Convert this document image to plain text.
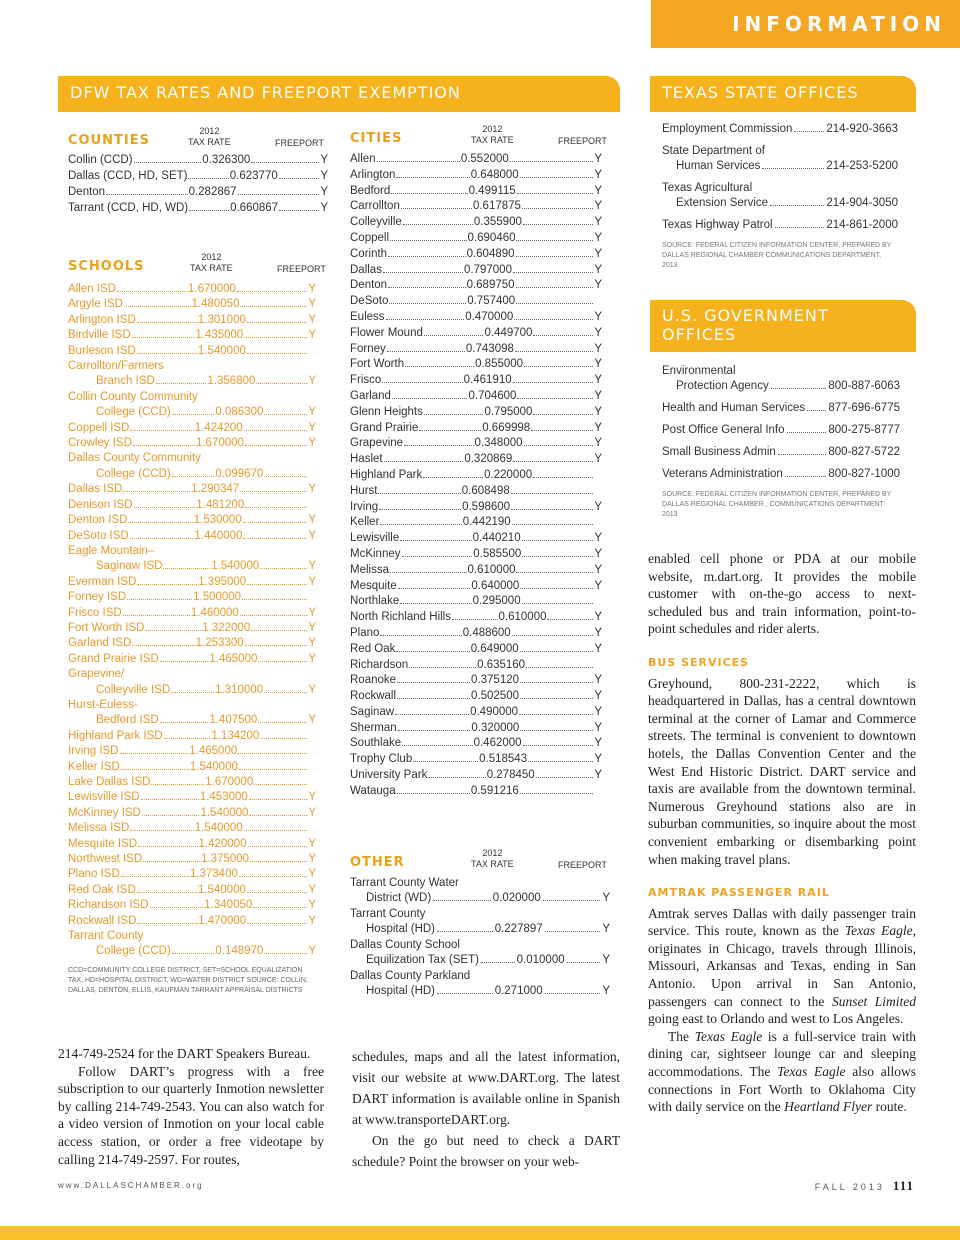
INFORMATION
DFW TAX RATES AND FREEPORT EXEMPTION	TEXAS STATE OFFICES
U.S. GOVERNMENT
OFFICES
COUNTIES
2012
TAX RATE	FREEPORT
Collin (CCD)	0.326300	Y
Dallas (CCD, HD, SET)	0.623770	Y
Denton	0.282867	Y
Tarrant (CCD, HD, WD)	0.660867	Y
SCHOOLS
2012
TAX RATE	FREEPORT
Allen ISD	1.670000	Y
Argyle ISD	1.480050	Y
Arlington ISD	1.301000	Y
Birdville ISD	1.435000	Y
Burleson ISD	1.540000
Carrollton/Farmers
Branch ISD	1.356800	Y
Collin County Community
College (CCD)	0.086300	Y
Coppell ISD	1.424200	Y
Crowley ISD	1.670000	Y
Dallas County Community
College (CCD)	0.099670
Dallas ISD	1.290347	Y
Denison ISD	1.481200
Denton ISD	1.530000	Y
DeSoto ISD	1.440000	Y
Eagle Mountain–
Saginaw ISD	1.540000	Y
Everman ISD	1.395000	Y
Forney ISD	1.500000
Frisco ISD	1.460000	Y
Fort Worth ISD	1.322000	Y
Garland ISD	1.253300	Y
Grand Prairie ISD	1.465000	Y
Grapevine/
Colleyville ISD	1.310000	Y
Hurst-Euless-
Bedford ISD	1.407500	Y
Highland Park ISD	1.134200
Irving ISD	1.465000
Keller ISD	1.540000
Lake Dallas ISD	1.670000
Lewisville ISD	1.453000	Y
McKinney ISD	1.540000	Y
Melissa ISD	1.540000
Mesquite ISD	1.420000	Y
Northwest ISD	1.375000	Y
Plano ISD	1.373400	Y
Red Oak ISD	1.540000	Y
Richardson ISD	1.340050	Y
Rockwall ISD	1.470000	Y
Tarrant County
College (CCD)	0.148970	Y
CCD=COMMUNITY COLLEGE DISTRICT, SET=SCHOOL EQUALIZATION TAX, HD=HOSPITAL DISTRICT, WD=WATER DISTRICT SOURCE: COLLIN, DALLAS, DENTON, ELLIS, KAUFMAN TARRANT APPRAISAL DISTRICTS
CITIES
2012
TAX RATE	FREEPORT
Allen	0.552000	Y
Arlington	0.648000	Y
Bedford	0.499115	Y
Carrollton	0.617875	Y
Colleyville	0.355900	Y
Coppell	0.690460	Y
Corinth	0.604890	Y
Dallas	0.797000	Y
Denton	0.689750	Y
DeSoto	0.757400
Euless	0.470000	Y
Flower Mound	0.449700	Y
Forney	0.743098	Y
Fort Worth	0.855000	Y
Frisco	0.461910	Y
Garland	0.704600	Y
Glenn Heights	0.795000	Y
Grand Prairie	0.669998	Y
Grapevine	0.348000	Y
Haslet	0.320869	Y
Highland Park	0.220000
Hurst	0.608498
Irving	0.598600	Y
Keller	0.442190
Lewisville	0.440210	Y
McKinney	0.585500	Y
Melissa	0.610000	Y
Mesquite	0.640000	Y
Northlake	0.295000
North Richland Hills	0.610000	Y
Plano	0.488600	Y
Red Oak	0.649000	Y
Richardson	0.635160
Roanoke	0.375120	Y
Rockwall	0.502500	Y
Saginaw	0.490000	Y
Sherman	0.320000	Y
Southlake	0.462000	Y
Trophy Club	0.518543	Y
University Park	0.278450	Y
Watauga	0.591216
OTHER
2012
TAX RATE	FREEPORT
Tarrant County Water
District (WD)	0.020000	Y
Tarrant County
Hospital (HD)	0.227897	Y
Dallas County School
Equilization Tax (SET)	0.010000	Y
Dallas County Parkland
Hospital (HD)	0.271000	Y
Employment Commission	214-920-3663
State Department of
Human Services	214-253-5200
Texas Agricultural
Extension Service	214-904-3050
Texas Highway Patrol	214-861-2000
SOURCE: FEDERAL CITIZEN INFORMATION CENTER, PREPARED BY DALLAS REGIONAL CHAMBER COMMUNICATIONS DEPARTMENT, 2013
Environmental
Protection Agency	800-887-6063
Health and Human Services 877-696-6775
Post Office General Info	800-275-8777
Small Business Admin	800-827-5722
Veterans Administration	800-827-1000
SOURCE: FEDERAL CITIZEN INFORMATION CENTER, PREPARED BY DALLAS REGIONAL CHAMBER , COMMUNICATIONS DEPARTMENT 2013

214-749-2524 for the DART Speakers Bureau.

Follow DART’s progress with a free subscription to our quarterly Inmotion newsletter by calling 214-749-2543. You can also watch for a video version of Inmotion on your local cable access station, or order a free videotape by calling 214-749-2597. For routes,

schedules, maps and all the latest information, visit our website at www.DART.org. The latest DART information is available online in Spanish at www.transporteDART.org.

On the go but need to check a DART schedule? Point the browser on your web-

enabled cell phone or PDA at our mobile website, m.dart.org. It provides the mobile customer with on-the-go access to next-scheduled bus and train information, point-to-point schedules and rider alerts.

BUS SERVICES

Greyhound, 800-231-2222, which is headquartered in Dallas, has a central downtown terminal at the corner of Lamar and Commerce streets. The terminal is convenient to downtown hotels, the Dallas Convention Center and the West End Historic District. DART service and taxis are available from the downtown terminal. Numerous Greyhound stations also are in suburban communities, so inquire about the most convenient embarking or disembarking point when making travel plans.

AMTRAK PASSENGER RAIL

Amtrak serves Dallas with daily passenger train service. This route, known as the Texas Eagle, originates in Chicago, travels through Illinois, Missouri, Arkansas and Texas, ending in San Antonio. Upon arrival in San Antonio, passengers can connect to the Sunset Limited going east to Orlando and west to Los Angeles.

The Texas Eagle is a full-service train with dining car, sightseer lounge car and sleeping accommodations. The Texas Eagle also allows connections in Fort Worth to Oklahoma City with daily service on the Heartland Flyer route.

www.DALLASCHAMBER.org	FALL 2013 111
